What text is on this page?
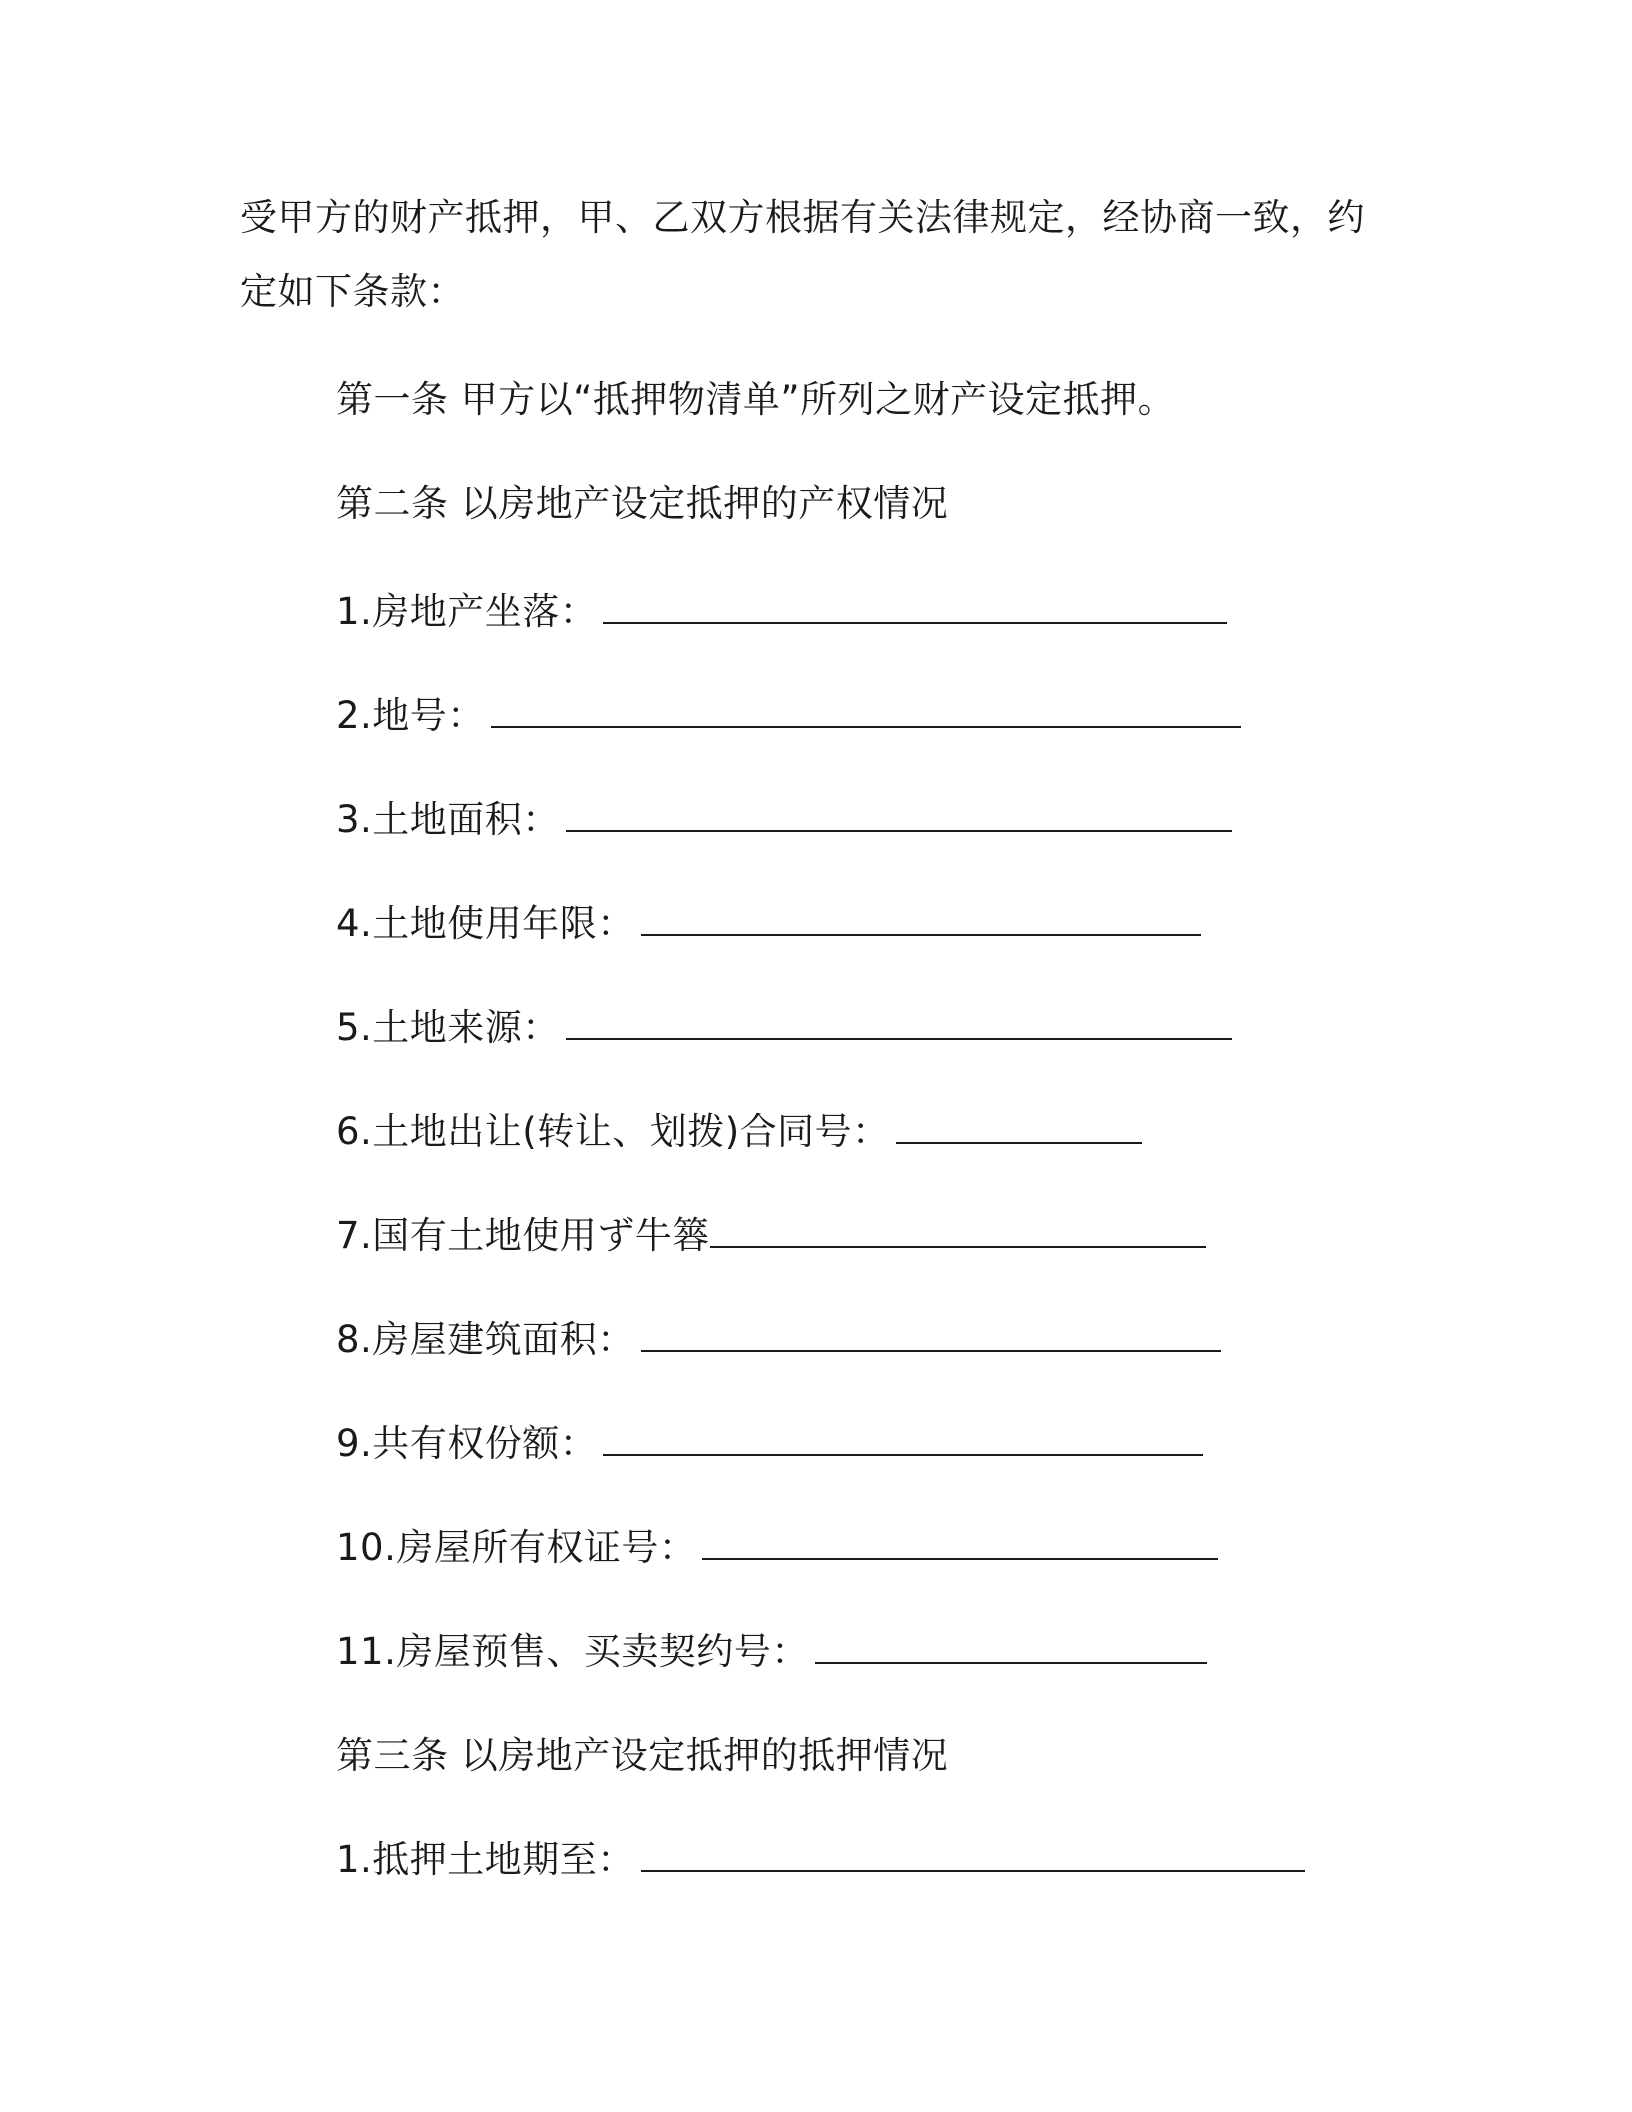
受甲方的财产抵押，甲、乙双方根据有关法律规定，经协商一致，约
定如下条款：
第一条 甲方以“抵押物清单”所列之财产设定抵押。
第二条 以房地产设定抵押的产权情况
1.房地产坐落：
2.地号：
3.土地面积：
4.土地使用年限：
5.土地来源：
6.土地出让(转让、划拨)合同号：
7.国有土地使用ず牛簭
8.房屋建筑面积：
9.共有权份额：
10.房屋所有权证号：
11.房屋预售、买卖契约号：
第三条 以房地产设定抵押的抵押情况
1.抵押土地期至：
